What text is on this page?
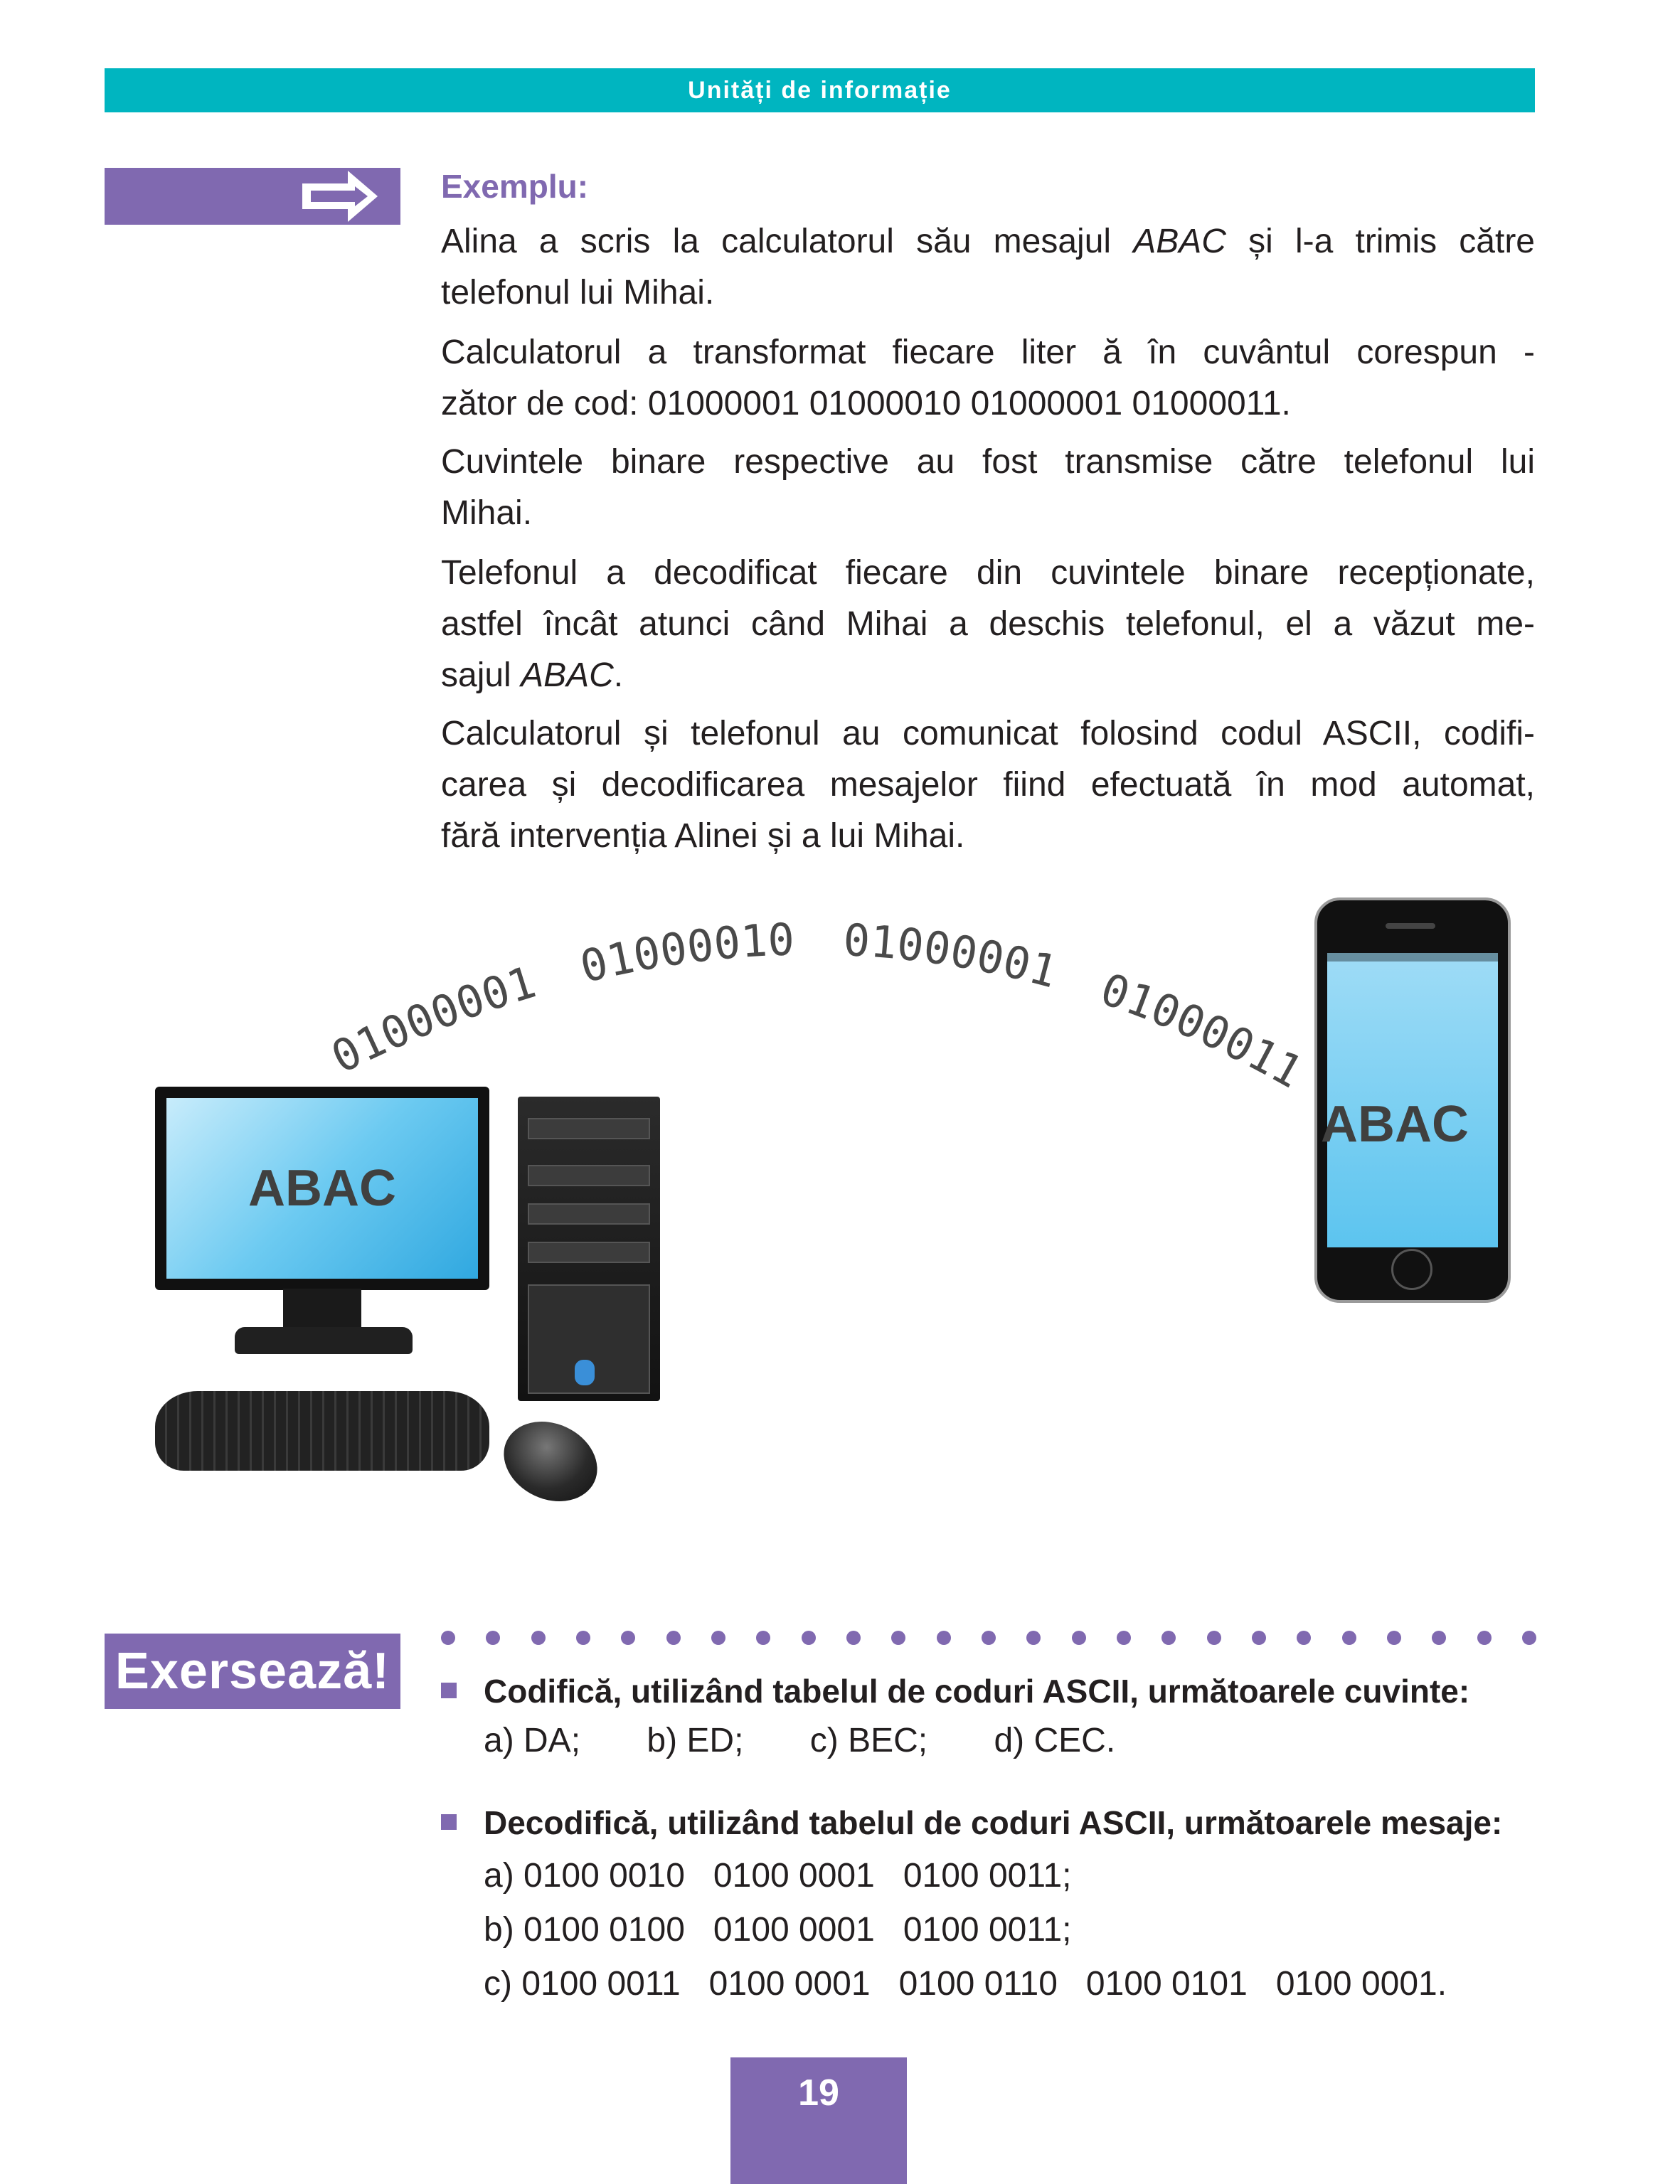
Unități de informație
Exemplu:
Alina a scris la calculatorul său mesajul ABAC și l-a trimis către
telefonul lui Mihai.
Calculatorul a transformat fiecare liter ă în cuvântul corespun -
zător de cod: 01000001 01000010 01000001 01000011.
Cuvintele binare respective au fost transmise către telefonul lui
Mihai.
Telefonul a decodificat fiecare din cuvintele binare recepționate,
astfel încât atunci când Mihai a deschis telefonul, el a văzut me-
sajul ABAC.
Calculatorul și telefonul au comunicat folosind codul ASCII, codifi-
carea și decodificarea mesajelor fiind efectuată în mod automat,
fără intervenția Alinei și a lui Mihai.
01000001 01000010 01000001 01000011
ABAC
ABAC
Exersează!	Codifică, utilizând tabelul de coduri ASCII, următoarele cuvinte:
a) DA;       b) ED;       c) BEC;       d) CEC.
Decodifică, utilizând tabelul de coduri ASCII, următoarele mesaje:
a) 0100 0010   0100 0001   0100 0011;
b) 0100 0100   0100 0001   0100 0011;
c) 0100 0011   0100 0001   0100 0110   0100 0101   0100 0001.
19
